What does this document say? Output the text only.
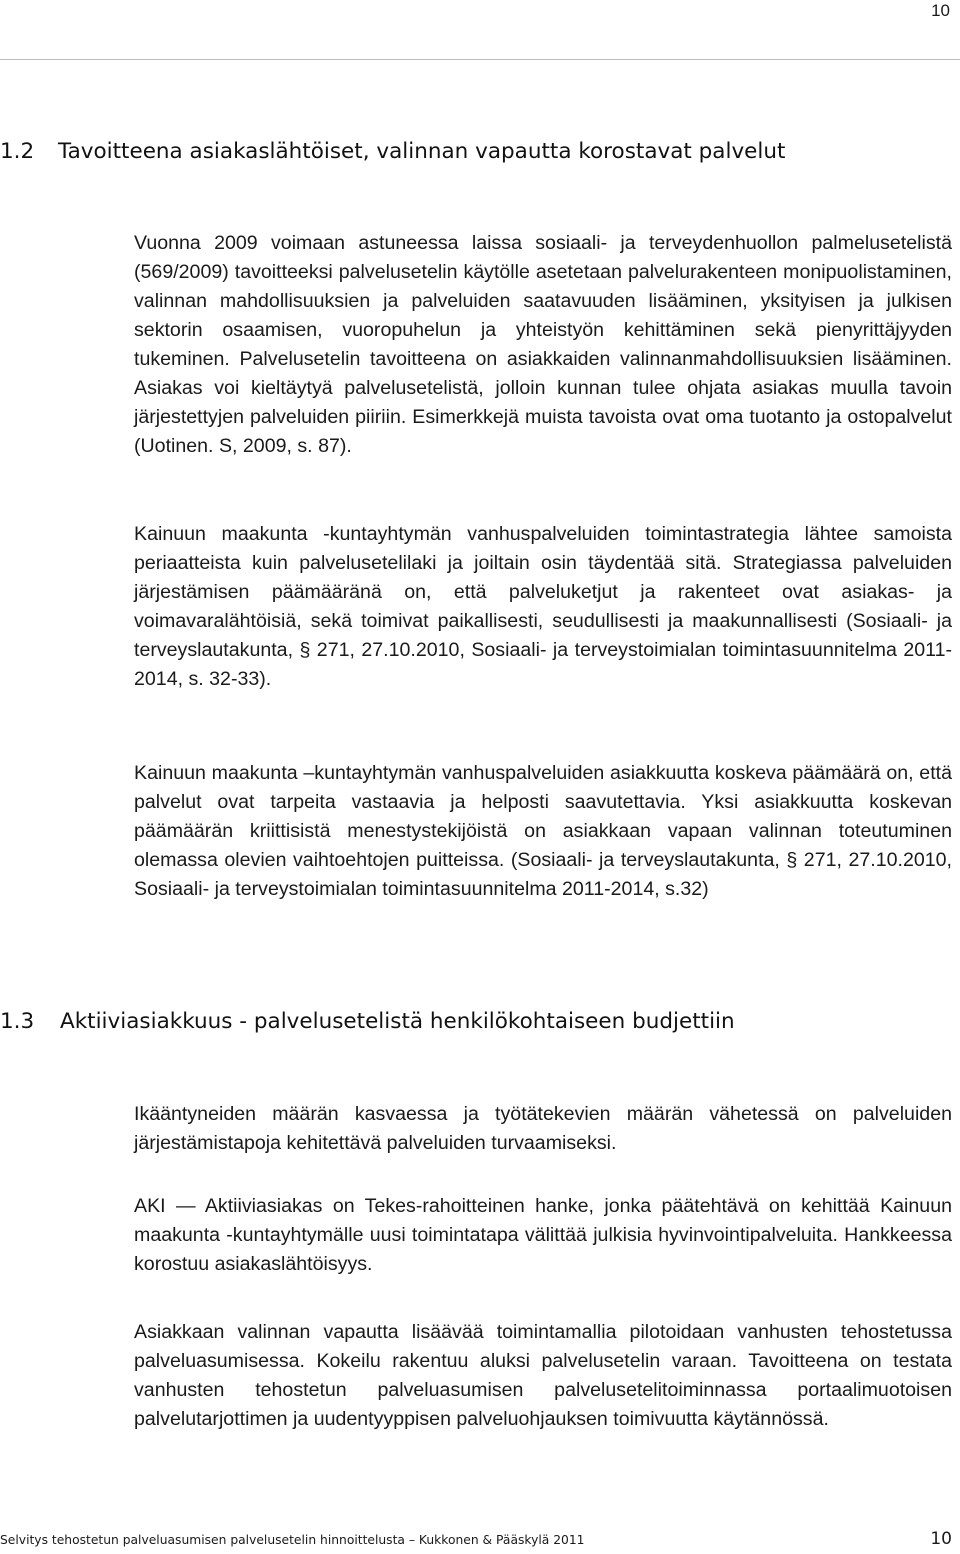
10
1.2 Tavoitteena asiakaslähtöiset, valinnan vapautta korostavat palvelut

Vuonna 2009 voimaan astuneessa laissa sosiaali- ja terveydenhuollon palmelusetelistä (569/2009) tavoitteeksi palvelusetelin käytölle asetetaan palvelurakenteen monipuolistaminen, valinnan mahdollisuuksien ja palveluiden saatavuuden lisääminen, yksityisen ja julkisen sektorin osaamisen, vuoropuhelun ja yhteistyön kehittäminen sekä pienyrittäjyyden tukeminen. Palvelusetelin tavoitteena on asiakkaiden valinnanmahdollisuuksien lisääminen. Asiakas voi kieltäytyä palvelusetelistä, jolloin kunnan tulee ohjata asiakas muulla tavoin järjestettyjen palveluiden piiriin. Esimerkkejä muista tavoista ovat oma tuotanto ja ostopalvelut (Uotinen. S, 2009, s. 87).

Kainuun maakunta -kuntayhtymän vanhuspalveluiden toimintastrategia lähtee samoista periaatteista kuin palvelusetelilaki ja joiltain osin täydentää sitä. Strategiassa palveluiden järjestämisen päämääränä on, että palveluketjut ja rakenteet ovat asiakas- ja voimavaralähtöisiä, sekä toimivat paikallisesti, seudullisesti ja maakunnallisesti (Sosiaali- ja terveyslautakunta, § 271, 27.10.2010, Sosiaali- ja terveystoimialan toimintasuunnitelma 2011-2014, s. 32-33).

Kainuun maakunta –kuntayhtymän vanhuspalveluiden asiakkuutta koskeva päämäärä on, että palvelut ovat tarpeita vastaavia ja helposti saavutettavia. Yksi asiakkuutta koskevan päämäärän kriittisistä menestystekijöistä on asiakkaan vapaan valinnan toteutuminen olemassa olevien vaihtoehtojen puitteissa. (Sosiaali- ja terveyslautakunta, § 271, 27.10.2010, Sosiaali- ja terveystoimialan toimintasuunnitelma 2011-2014, s.32)

1.3 Aktiiviasiakkuus - palvelusetelistä henkilökohtaiseen budjettiin

Ikääntyneiden määrän kasvaessa ja työtätekevien määrän vähetessä on palveluiden järjestämistapoja kehitettävä palveluiden turvaamiseksi.

AKI — Aktiiviasiakas on Tekes-rahoitteinen hanke, jonka päätehtävä on kehittää Kainuun maakunta -kuntayhtymälle uusi toimintatapa välittää julkisia hyvinvointipalveluita. Hankkeessa korostuu asiakaslähtöisyys.

Asiakkaan valinnan vapautta lisäävää toimintamallia pilotoidaan vanhusten tehostetussa palveluasumisessa. Kokeilu rakentuu aluksi palvelusetelin varaan. Tavoitteena on testata vanhusten tehostetun palveluasumisen palvelusetelitoiminnassa portaalimuotoisen palvelutarjottimen ja uudentyyppisen palveluohjauksen toimivuutta käytännössä.

Selvitys tehostetun palveluasumisen palvelusetelin hinnoittelusta – Kukkonen & Pääskylä 2011	10
